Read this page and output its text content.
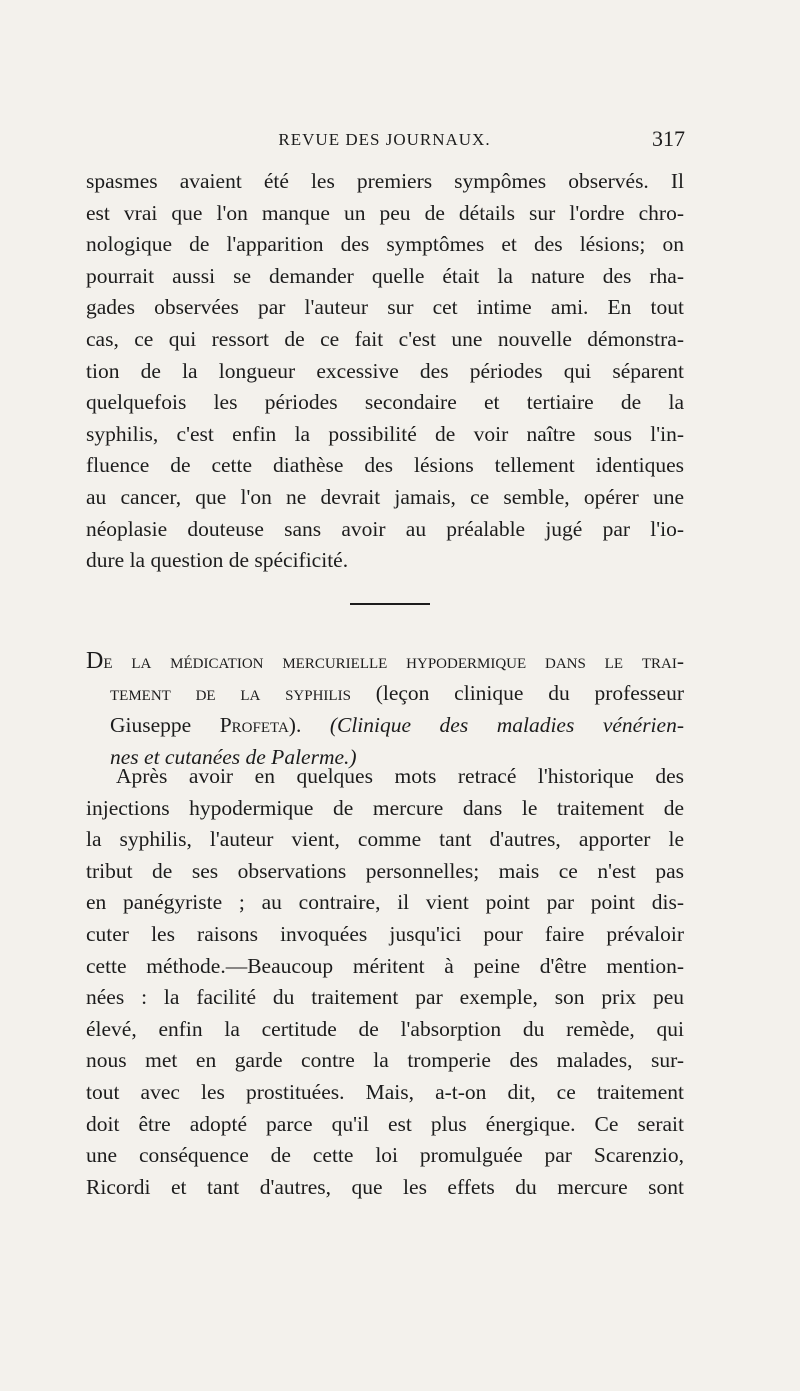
REVUE DES JOURNAUX.	317
spasmes avaient été les premiers sympômes observés. Il
est vrai que l'on manque un peu de détails sur l'ordre chro-
nologique de l'apparition des symptômes et des lésions; on
pourrait aussi se demander quelle était la nature des rha-
gades observées par l'auteur sur cet intime ami. En tout
cas, ce qui ressort de ce fait c'est une nouvelle démonstra-
tion de la longueur excessive des périodes qui séparent
quelquefois les périodes secondaire et tertiaire de la
syphilis, c'est enfin la possibilité de voir naître sous l'in-
fluence de cette diathèse des lésions tellement identiques
au cancer, que l'on ne devrait jamais, ce semble, opérer une
néoplasie douteuse sans avoir au préalable jugé par l'io-
dure la question de spécificité.
De la médication mercurielle hypodermique dans le trai-
tement de la syphilis (leçon clinique du professeur
Giuseppe Profeta). (Clinique des maladies vénérien-
nes et cutanées de Palerme.)
Après avoir en quelques mots retracé l'historique des
injections hypodermique de mercure dans le traitement de
la syphilis, l'auteur vient, comme tant d'autres, apporter le
tribut de ses observations personnelles; mais ce n'est pas
en panégyriste ; au contraire, il vient point par point dis-
cuter les raisons invoquées jusqu'ici pour faire prévaloir
cette méthode.—Beaucoup méritent à peine d'être mention-
nées : la facilité du traitement par exemple, son prix peu
élevé, enfin la certitude de l'absorption du remède, qui
nous met en garde contre la tromperie des malades, sur-
tout avec les prostituées. Mais, a-t-on dit, ce traitement
doit être adopté parce qu'il est plus énergique. Ce serait
une conséquence de cette loi promulguée par Scarenzio,
Ricordi et tant d'autres, que les effets du mercure sont
